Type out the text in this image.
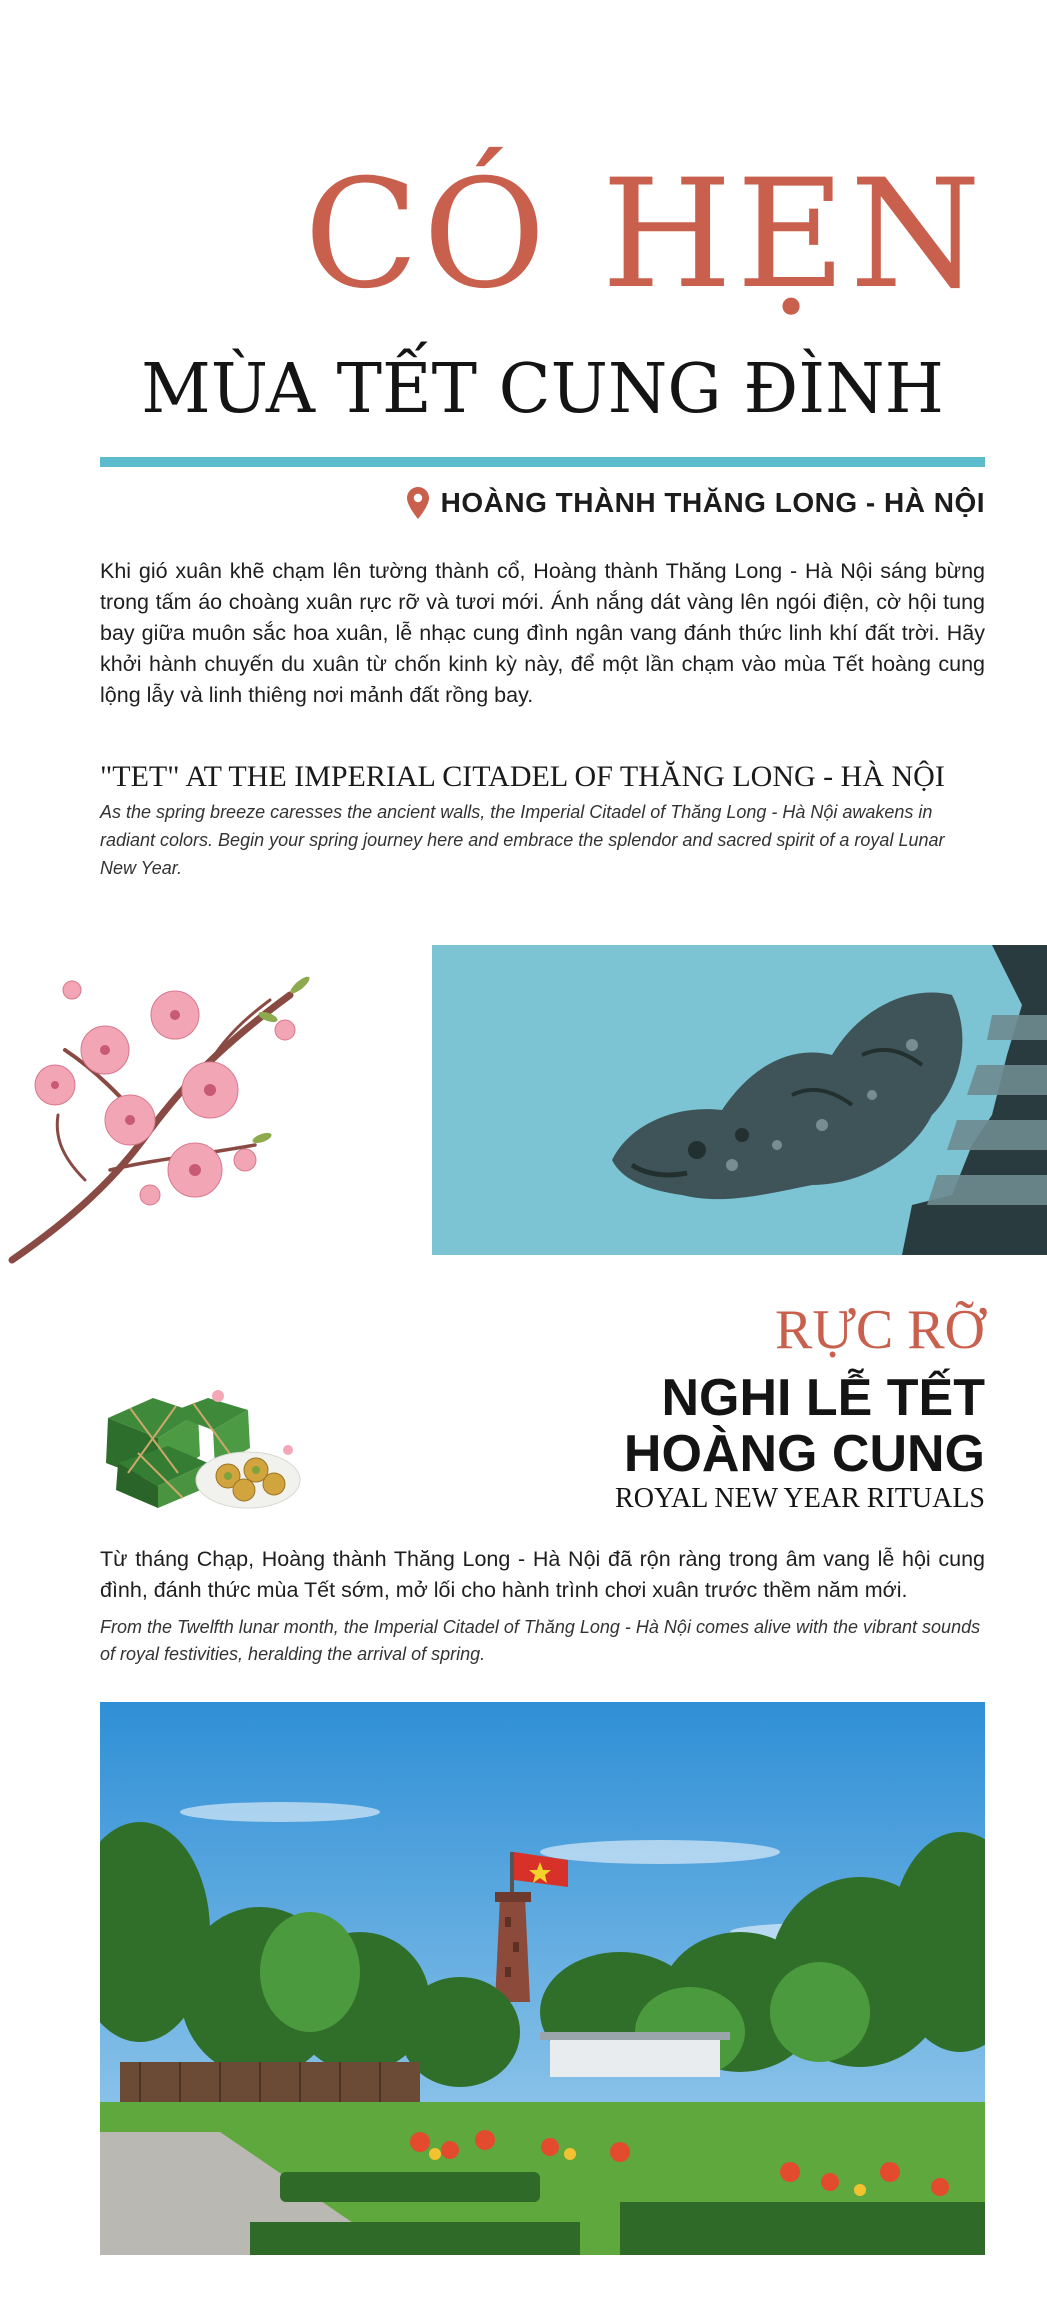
CÓ HẸN
MÙA TẾT CUNG ĐÌNH
HOÀNG THÀNH THĂNG LONG - HÀ NỘI

Khi gió xuân khẽ chạm lên tường thành cổ, Hoàng thành Thăng Long - Hà Nội sáng bừng trong tấm áo choàng xuân rực rỡ và tươi mới. Ánh nắng dát vàng lên ngói điện, cờ hội tung bay giữa muôn sắc hoa xuân, lễ nhạc cung đình ngân vang đánh thức linh khí đất trời. Hãy khởi hành chuyến du xuân từ chốn kinh kỳ này, để một lần chạm vào mùa Tết hoàng cung lộng lẫy và linh thiêng nơi mảnh đất rồng bay.

"TET" AT THE IMPERIAL CITADEL OF THĂNG LONG - HÀ NỘI

As the spring breeze caresses the ancient walls, the Imperial Citadel of Thăng Long - Hà Nội awakens in radiant colors. Begin your spring journey here and embrace the splendor and sacred spirit of a royal Lunar New Year.

RỰC RỠ

NGHI LỄ TẾT HOÀNG CUNG

ROYAL NEW YEAR RITUALS

Từ tháng Chạp, Hoàng thành Thăng Long - Hà Nội đã rộn ràng trong âm vang lễ hội cung đình, đánh thức mùa Tết sớm, mở lối cho hành trình chơi xuân trước thềm năm mới.

From the Twelfth lunar month, the Imperial Citadel of Thăng Long - Hà Nội comes alive with the vibrant sounds of royal festivities, heralding the arrival of spring.
